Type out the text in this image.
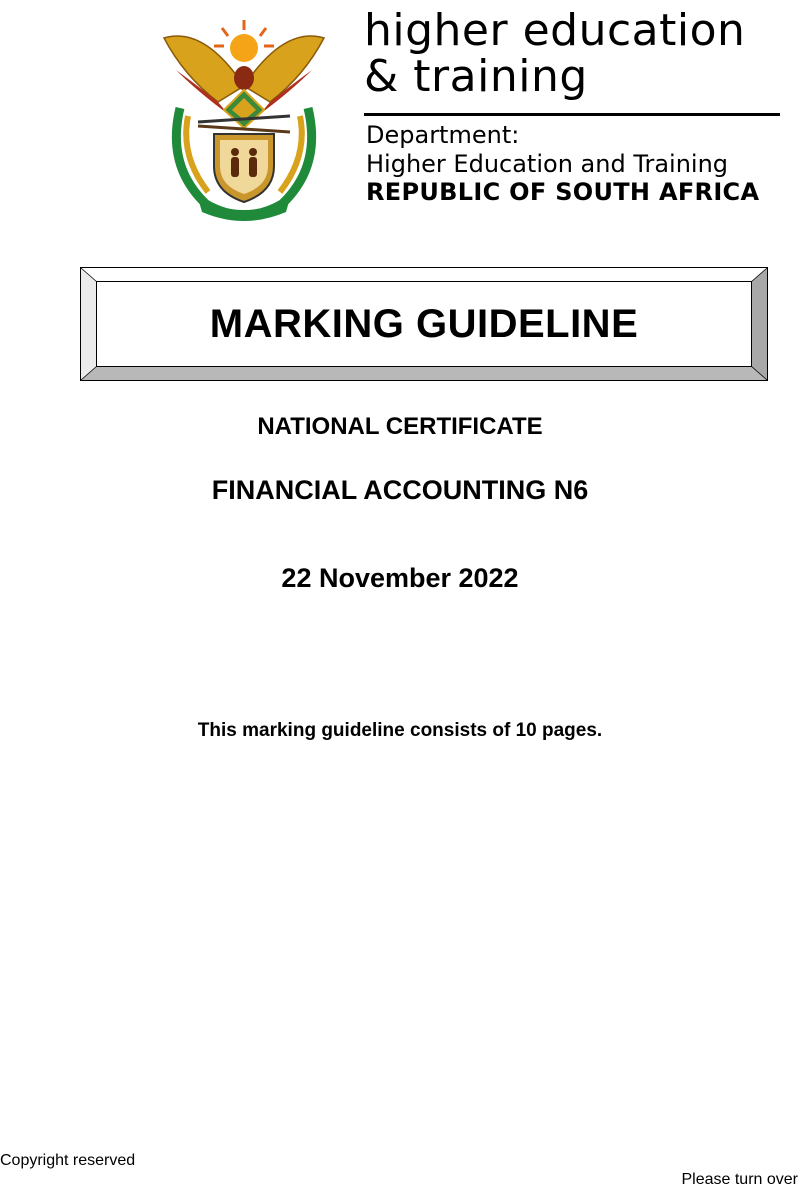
higher education
& training
Department:
Higher Education and Training
REPUBLIC OF SOUTH AFRICA
MARKING GUIDELINE
NATIONAL CERTIFICATE
FINANCIAL ACCOUNTING N6
22 November 2022
This marking guideline consists of 10 pages.
Copyright reserved
Please turn over
